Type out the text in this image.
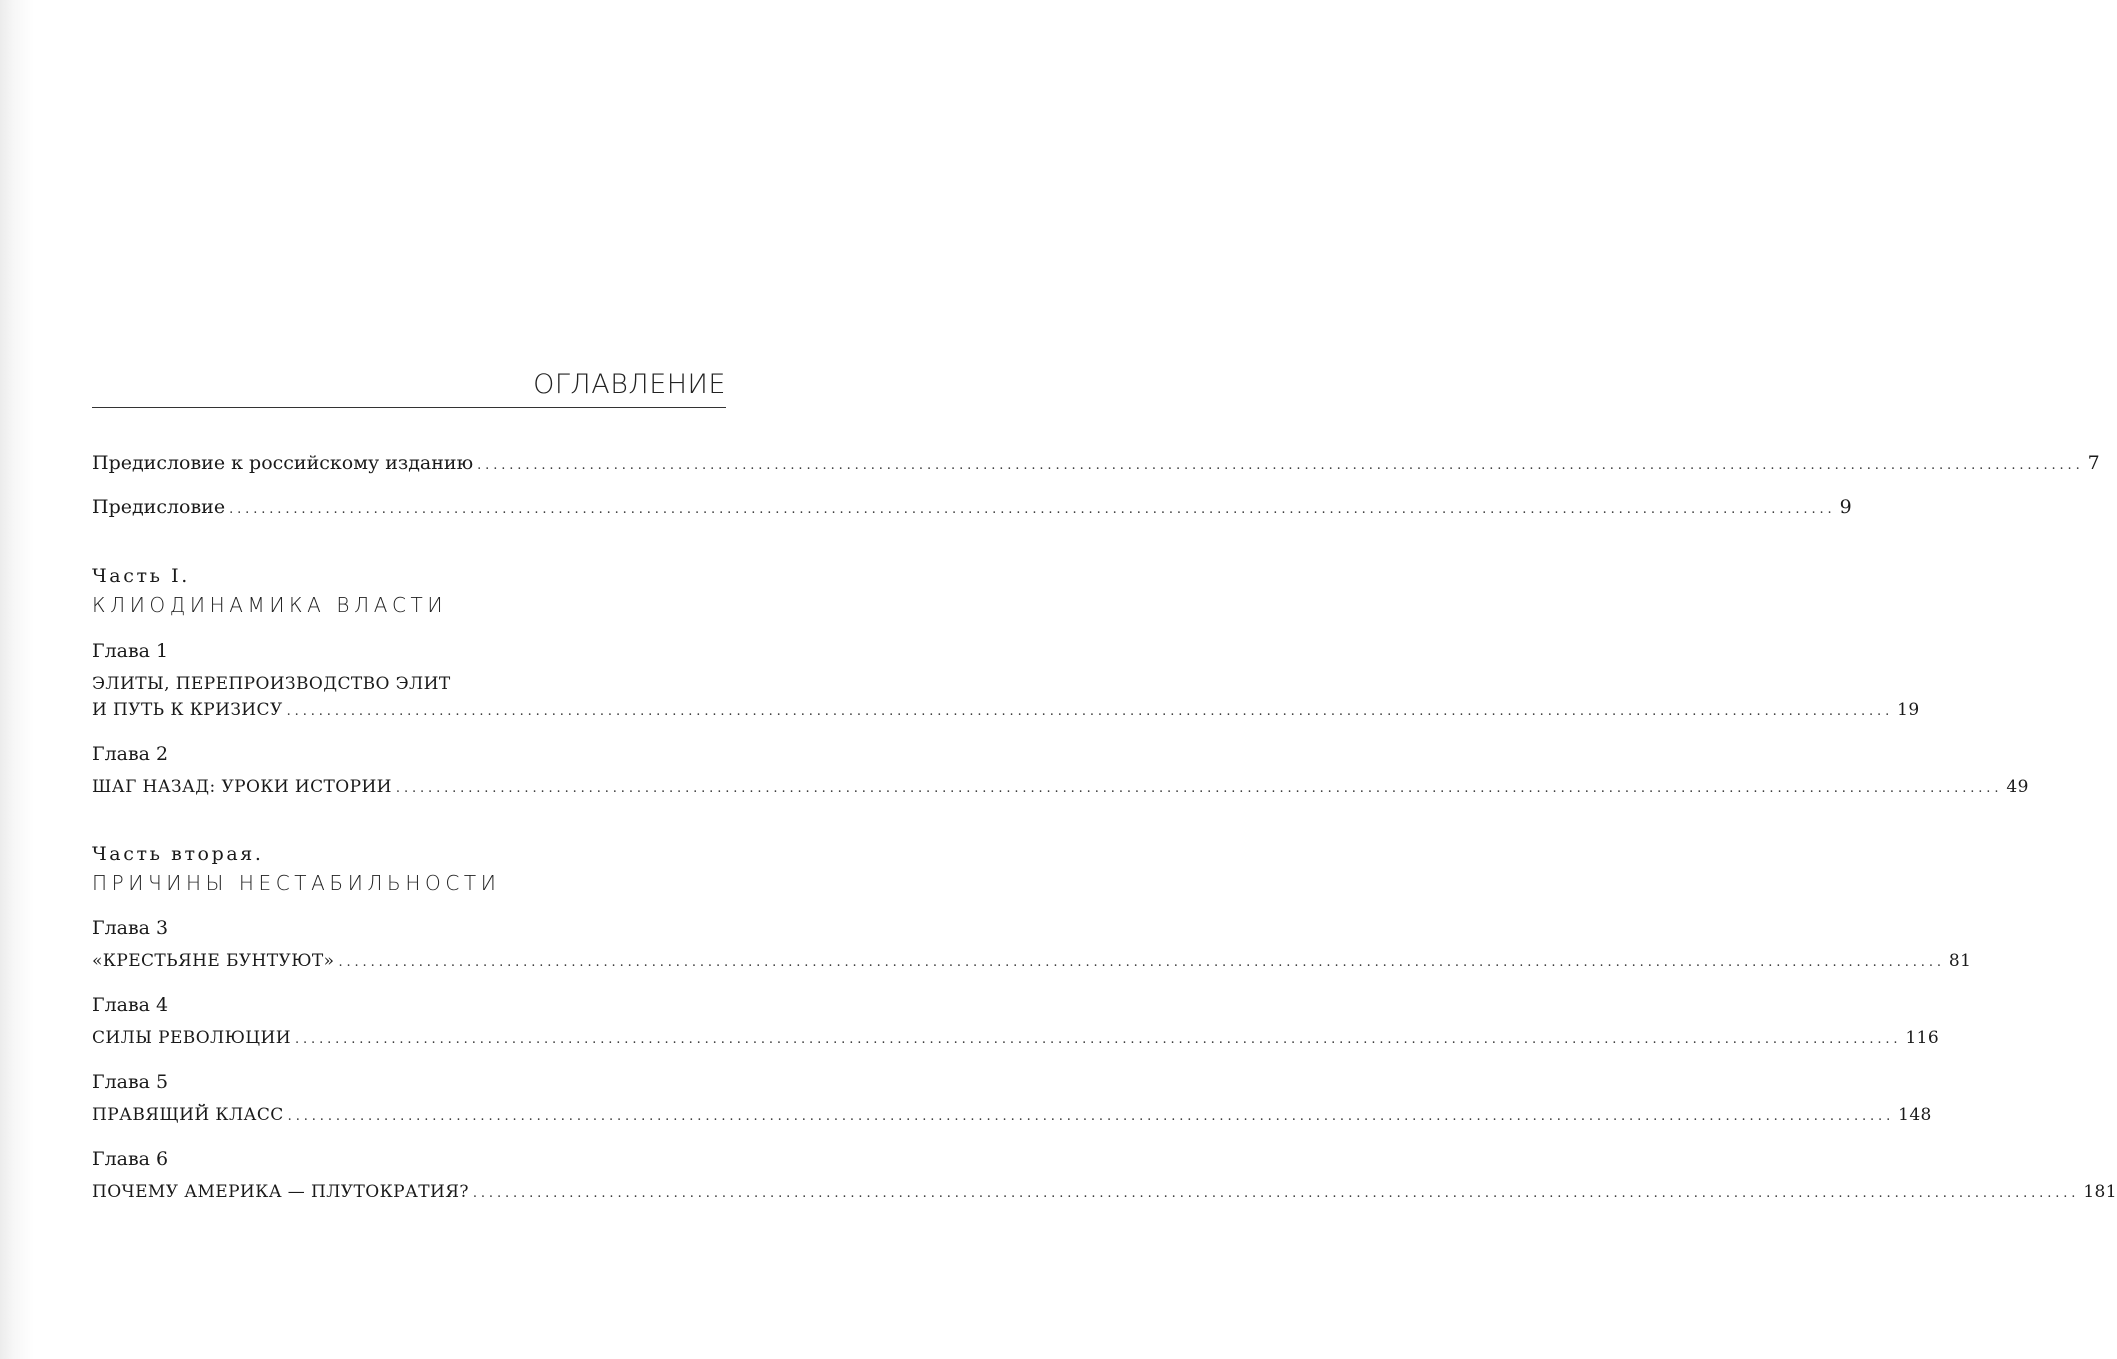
ОГЛАВЛЕНИЕ
Предисловие к российскому изданию ........................................................................................................................................................................................................ 7
Предисловие ........................................................................................................................................................................................................ 9
Часть I.
КЛИОДИНАМИКА ВЛАСТИ
Глава 1
ЭЛИТЫ, ПЕРЕПРОИЗВОДСТВО ЭЛИТ
И ПУТЬ К КРИЗИСУ ........................................................................................................................................................................................................ 19
Глава 2
ШАГ НАЗАД: УРОКИ ИСТОРИИ ........................................................................................................................................................................................................ 49
Часть вторая.
ПРИЧИНЫ НЕСТАБИЛЬНОСТИ
Глава 3
«КРЕСТЬЯНЕ БУНТУЮТ» ........................................................................................................................................................................................................ 81
Глава 4
СИЛЫ РЕВОЛЮЦИИ ........................................................................................................................................................................................................ 116
Глава 5
ПРАВЯЩИЙ КЛАСС ........................................................................................................................................................................................................ 148
Глава 6
ПОЧЕМУ АМЕРИКА — ПЛУТОКРАТИЯ? ........................................................................................................................................................................................................ 181
